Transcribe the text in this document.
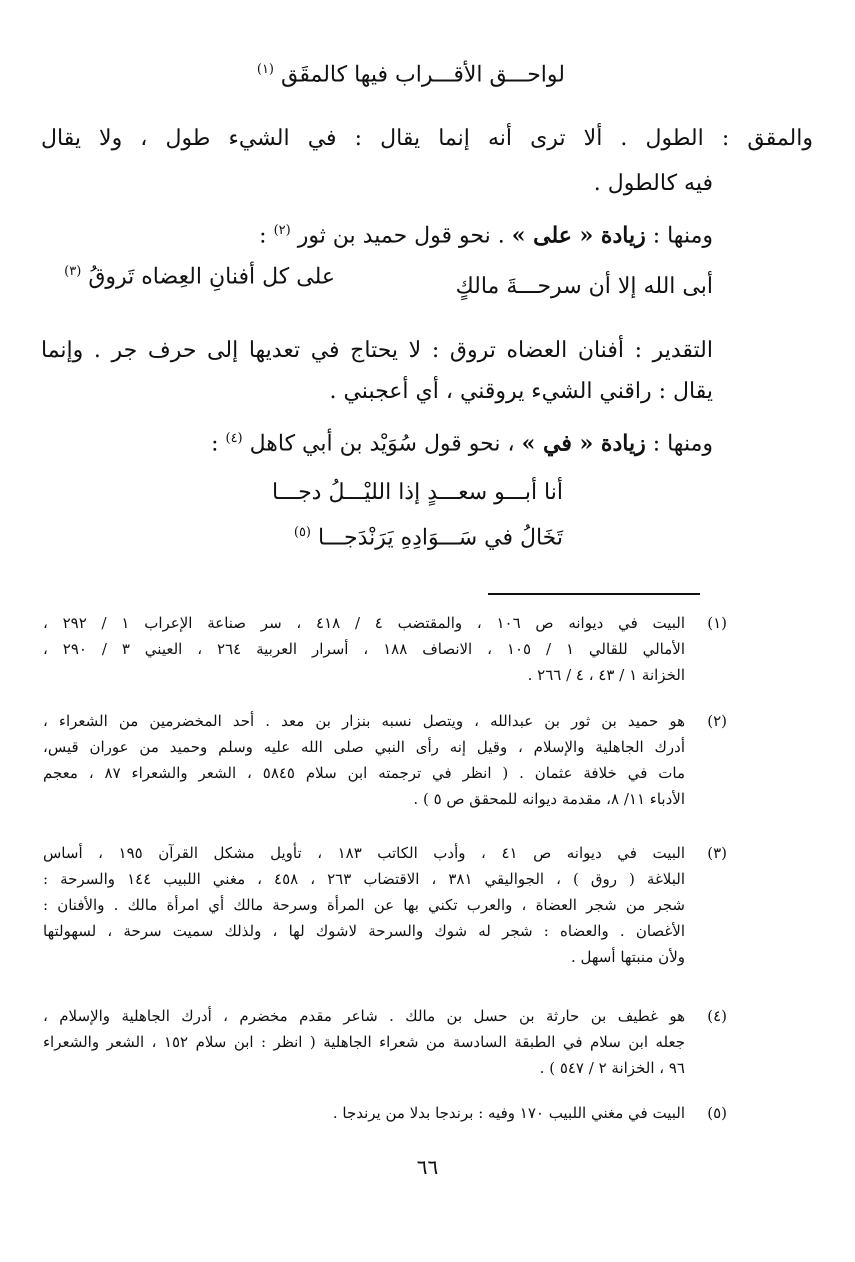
لواحـــق الأقـــراب فيها كالمقَق $^{(١)}$
والمقق : الطول . ألا ترى أنه إنما يقال : في الشيء طول ، ولا يقال
فيه كالطول .
ومنها : زيادة « على » . نحو قول حميد بن ثور $^{(٢)}$ :
أبى الله إلا أن سرحـــةَ مالكٍ
على كل أفنانِ العِضاه تَروقُ $^{(٣)}$
التقدير : أفنان العضاه تروق : لا يحتاج في تعديها إلى حرف جر . وإنما
يقال : راقني الشيء يروقني ، أي أعجبني .
ومنها : زيادة « في » ، نحو قول سُوَيْد بن أبي كاهل $^{(٤)}$ :
أنا أبـــو سعـــدٍ إذا الليْـــلُ دجـــا
تَخَالُ في سَـــوَادِهِ يَرَنْدَجـــا $^{(٥)}$
(١)
البيت في ديوانه ص ١٠٦ ، والمقتضب ٤ / ٤١٨ ، سر صناعة الإعراب ١ / ٢٩٢ ،
الأمالي للقالي ١ / ١٠٥ ، الانصاف ١٨٨ ، أسرار العربية ٢٦٤ ، العيني ٣ / ٢٩٠ ،
الخزانة ١ / ٤٣ ، ٤ / ٢٦٦ .
(٢)
هو حميد بن ثور بن عبدالله ، ويتصل نسبه بنزار بن معد . أحد المخضرمين من الشعراء ،
أدرك الجاهلية والإسلام ، وقيل إنه رأى النبي صلى الله عليه وسلم وحميد من عوران قيس،
مات في خلافة عثمان . ( انظر في ترجمته ابن سلام ٥٨٤٥ ، الشعر والشعراء ٨٧ ، معجم
الأدباء ١١/ ٨، مقدمة ديوانه للمحقق ص ٥ ) .
(٣)
البيت في ديوانه ص ٤١ ، وأدب الكاتب ١٨٣ ، تأويل مشكل القرآن ١٩٥ ، أساس
البلاغة ( روق ) ، الجواليقي ٣٨١ ، الاقتضاب ٢٦٣ ، ٤٥٨ ، مغني اللبيب ١٤٤ والسرحة :
شجر من شجر العضاة ، والعرب تكني بها عن المرأة وسرحة مالك أي امرأة مالك . والأفنان :
الأغصان . والعضاه : شجر له شوك والسرحة لاشوك لها ، ولذلك سميت سرحة ، لسهولتها
ولأن منبتها أسهل .
(٤)
هو غطيف بن حارثة بن حسل بن مالك . شاعر مقدم مخضرم ، أدرك الجاهلية والإسلام ،
جعله ابن سلام في الطبقة السادسة من شعراء الجاهلية ( انظر : ابن سلام ١٥٢ ، الشعر والشعراء
٩٦ ، الخزانة ٢ / ٥٤٧ ) .
(٥)
البيت في مغني اللبيب ١٧٠ وفيه : برندجا بدلا من يرندجا .
٦٦
